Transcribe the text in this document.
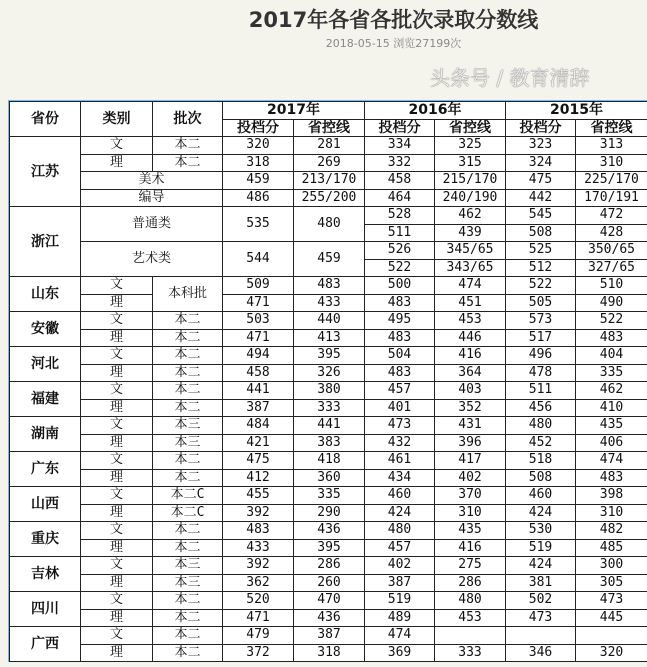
2017年各省各批次录取分数线
2018-05-15 浏览27199次
头条号 / 教育清辞
省份	类别	批次	2017年		2016年		2015年	
			投档分	省控线	投档分	省控线	投档分	省控线
江苏	文	本二	320	281	334	325	323	313
	理	本二	318	269	332	315	324	310
	美术		459	213/170	458	215/170	475	225/170
	编导		486	255/200	464	240/190	442	170/191
浙江	普通类		535	480	528	462	545	472
					511	439	508	428
	艺术类		544	459	526	345/65	525	350/65
					522	343/65	512	327/65
山东	文	本科批	509	483	500	474	522	510
	理		471	433	483	451	505	490
安徽	文	本二	503	440	495	453	573	522
	理	本二	471	413	483	446	517	483
河北	文	本二	494	395	504	416	496	404
	理	本二	458	326	483	364	478	335
福建	文	本二	441	380	457	403	511	462
	理	本二	387	333	401	352	456	410
湖南	文	本三	484	441	473	431	480	435
	理	本三	421	383	432	396	452	406
广东	文	本二	475	418	461	417	518	474
	理	本二	412	360	434	402	508	483
山西	文	本二C	455	335	460	370	460	398
	理	本二C	392	290	424	310	424	310
重庆	文	本二	483	436	480	435	530	482
	理	本二	433	395	457	416	519	485
吉林	文	本三	392	286	402	275	424	300
	理	本三	362	260	387	286	381	305
四川	文	本二	520	470	519	480	502	473
	理	本二	471	436	489	453	473	445
广西	文	本二	479	387	474			
	理	本二	372	318	369	333	346	320
